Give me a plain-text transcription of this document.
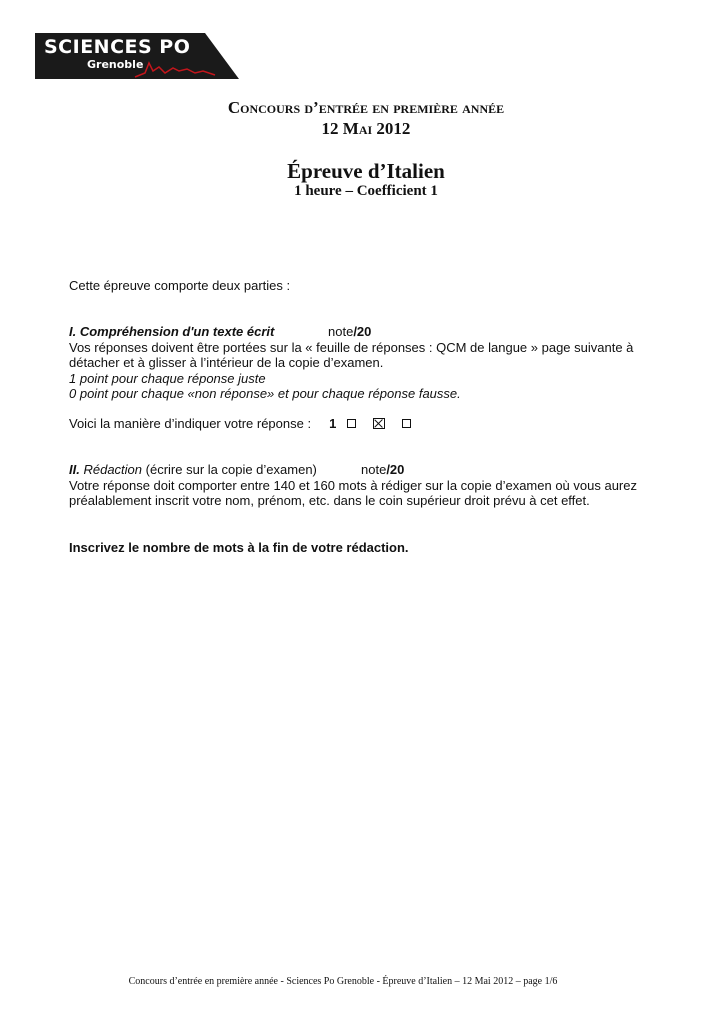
SCIENCES PO
Grenoble
Concours d’entrée en première année
12 Mai 2012
Épreuve d’Italien
1 heure – Coefficient 1
Cette épreuve comporte deux parties :
I. Compréhension d'un texte écrit	note/20
Vos réponses doivent être portées sur la « feuille de réponses : QCM de langue » page suivante à détacher et à glisser à l’intérieur de la copie d’examen.
1 point pour chaque réponse juste
0 point pour chaque «non réponse» et pour chaque réponse fausse.
Voici la manière d’indiquer votre réponse : 1
II. Rédaction (écrire sur la copie d’examen)	note/20
Votre réponse doit comporter entre 140 et 160 mots à rédiger sur la copie d’examen où vous aurez préalablement inscrit votre nom, prénom, etc. dans le coin supérieur droit prévu à cet effet.
Inscrivez le nombre de mots à la fin de votre rédaction.
Concours d’entrée en première année - Sciences Po Grenoble - Épreuve d’Italien – 12 Mai 2012 – page 1/6
